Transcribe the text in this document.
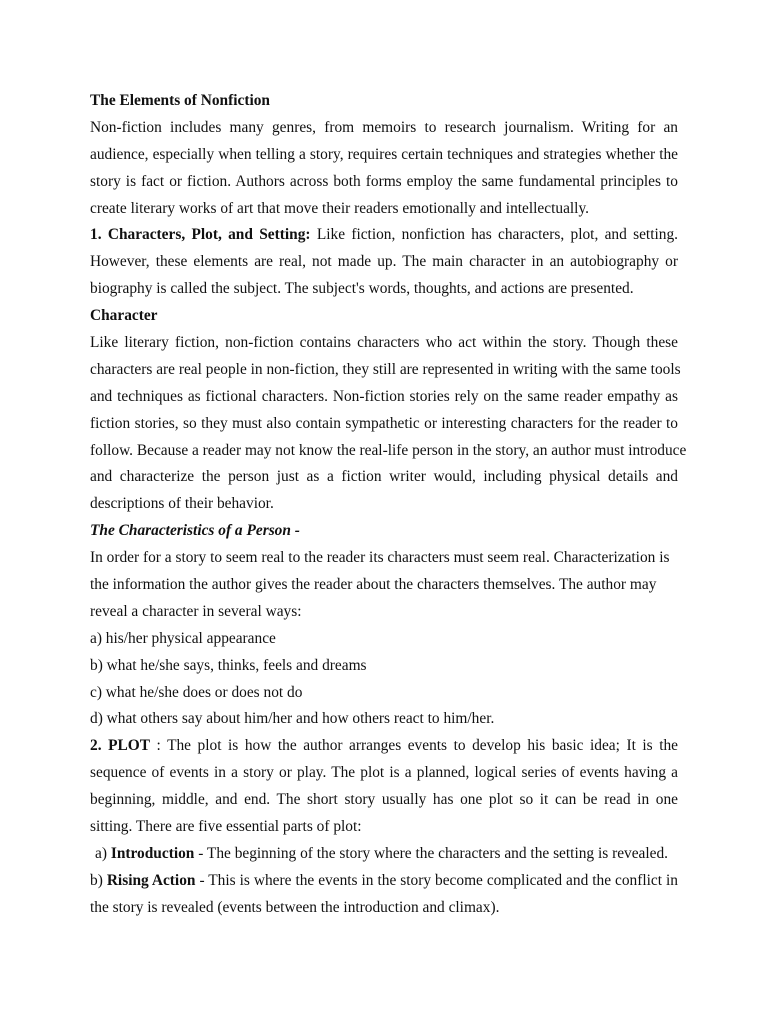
The Elements of Nonfiction
Non-fiction includes many genres, from memoirs to research journalism. Writing for an
audience, especially when telling a story, requires certain techniques and strategies whether the
story is fact or fiction. Authors across both forms employ the same fundamental principles to
create literary works of art that move their readers emotionally and intellectually.
1. Characters, Plot, and Setting: Like fiction, nonfiction has characters, plot, and setting.
However, these elements are real, not made up. The main character in an autobiography or
biography is called the subject. The subject's words, thoughts, and actions are presented.
Character
Like literary fiction, non-fiction contains characters who act within the story. Though these
characters are real people in non-fiction, they still are represented in writing with the same tools
and techniques as fictional characters. Non-fiction stories rely on the same reader empathy as
fiction stories, so they must also contain sympathetic or interesting characters for the reader to
follow. Because a reader may not know the real-life person in the story, an author must introduce
and characterize the person just as a fiction writer would, including physical details and
descriptions of their behavior.
The Characteristics of a Person -
In order for a story to seem real to the reader its characters must seem real. Characterization is
the information the author gives the reader about the characters themselves. The author may
reveal a character in several ways:
a) his/her physical appearance
b) what he/she says, thinks, feels and dreams
c) what he/she does or does not do
d) what others say about him/her and how others react to him/her.
2. PLOT : The plot is how the author arranges events to develop his basic idea; It is the
sequence of events in a story or play. The plot is a planned, logical series of events having a
beginning, middle, and end. The short story usually has one plot so it can be read in one
sitting. There are five essential parts of plot:
a) Introduction - The beginning of the story where the characters and the setting is revealed.
b) Rising Action - This is where the events in the story become complicated and the conflict in
the story is revealed (events between the introduction and climax).
